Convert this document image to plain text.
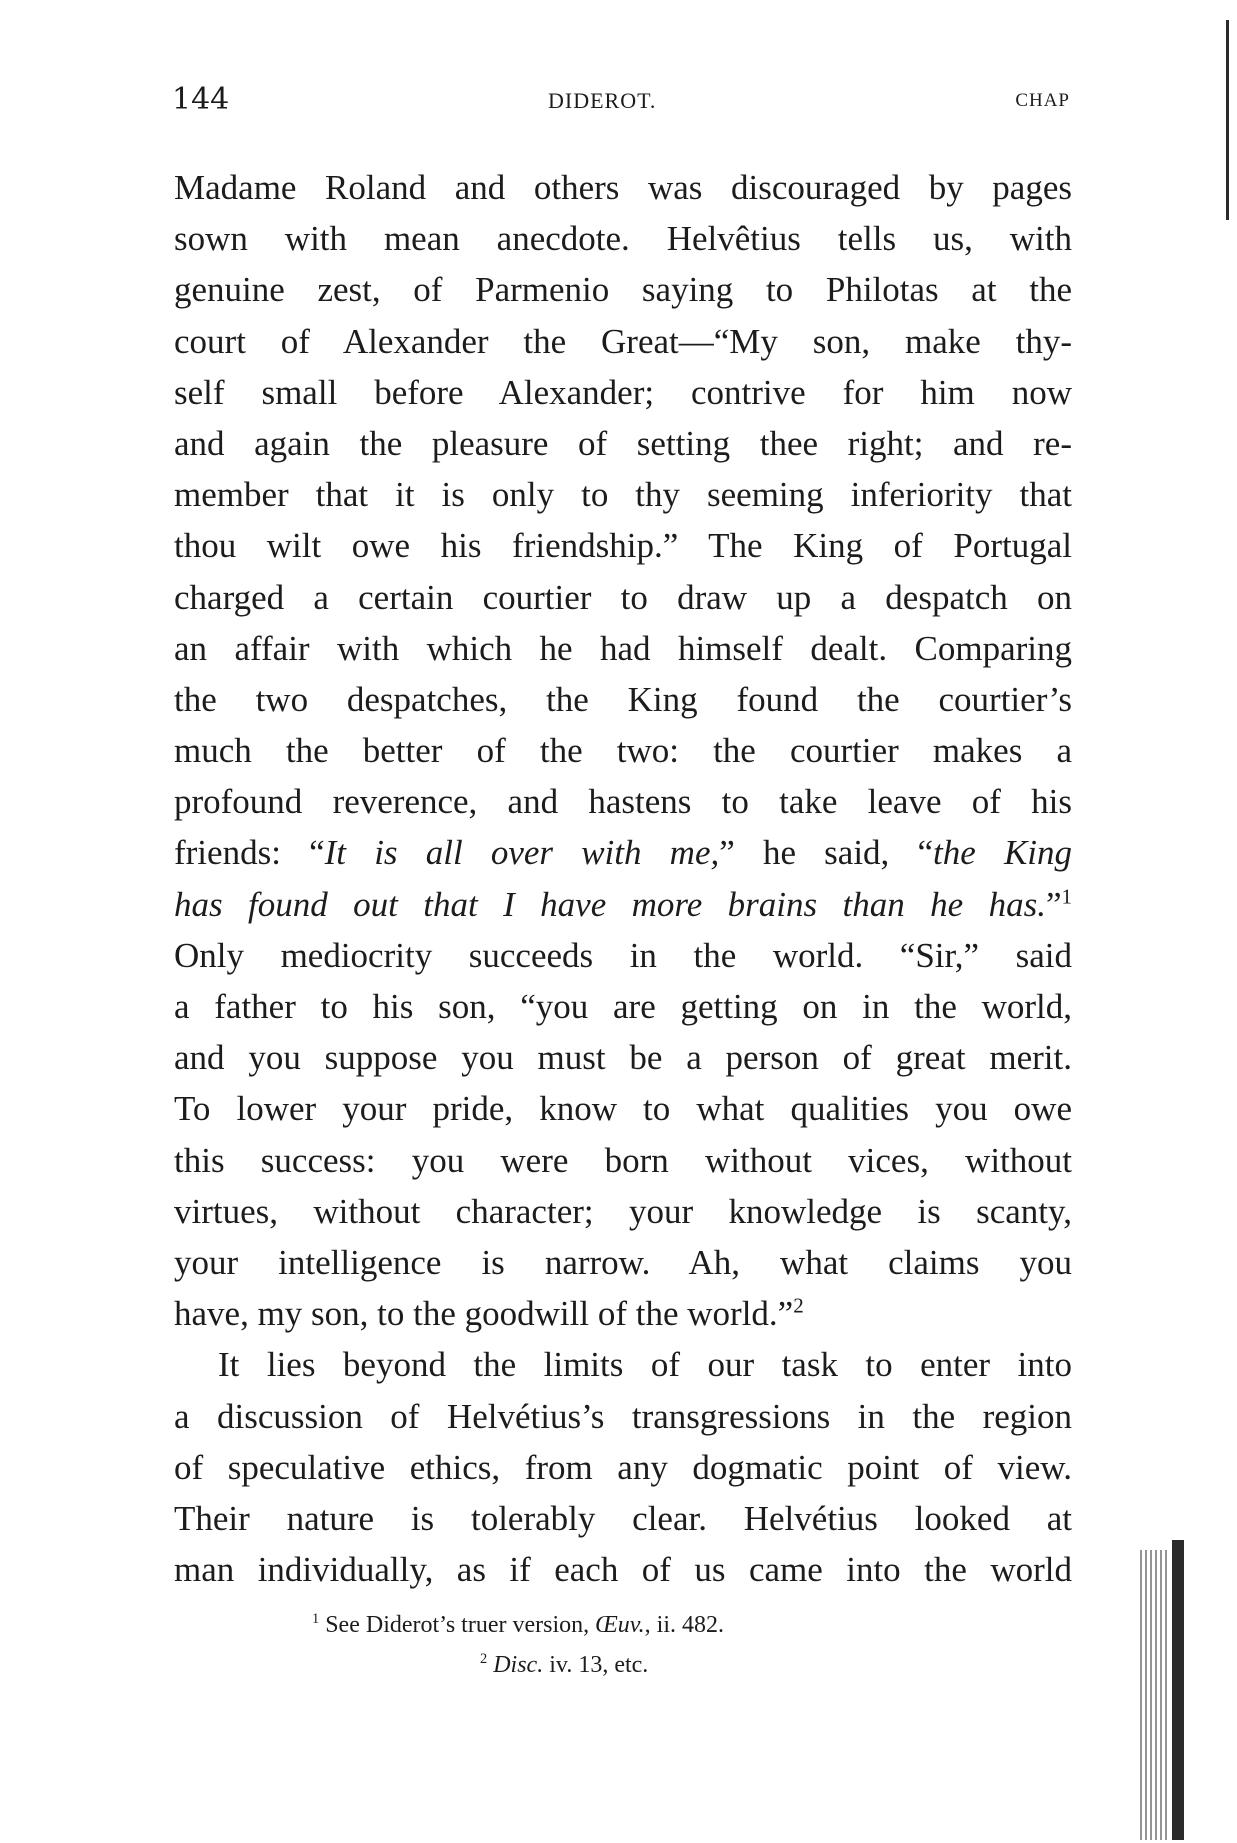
144	DIDEROT.	CHAP
Madame Roland and others was discouraged by pages
sown with mean anecdote. Helvêtius tells us, with
genuine zest, of Parmenio saying to Philotas at the
court of Alexander the Great—“My son, make thy-
self small before Alexander; contrive for him now
and again the pleasure of setting thee right; and re-
member that it is only to thy seeming inferiority that
thou wilt owe his friendship.” The King of Portugal
charged a certain courtier to draw up a despatch on
an affair with which he had himself dealt. Comparing
the two despatches, the King found the courtier’s
much the better of the two: the courtier makes a
profound reverence, and hastens to take leave of his
friends: “It is all over with me,” he said, “the King
has found out that I have more brains than he has.”$^1$
Only mediocrity succeeds in the world. “Sir,” said
a father to his son, “you are getting on in the world,
and you suppose you must be a person of great merit.
To lower your pride, know to what qualities you owe
this success: you were born without vices, without
virtues, without character; your knowledge is scanty,
your intelligence is narrow. Ah, what claims you
have, my son, to the goodwill of the world.”$^2$
It lies beyond the limits of our task to enter into
a discussion of Helvétius’s transgressions in the region
of speculative ethics, from any dogmatic point of view.
Their nature is tolerably clear. Helvétius looked at
man individually, as if each of us came into the world
$^1$ See Diderot’s truer version, Œuv., ii. 482.
$^2$ Disc. iv. 13, etc.
